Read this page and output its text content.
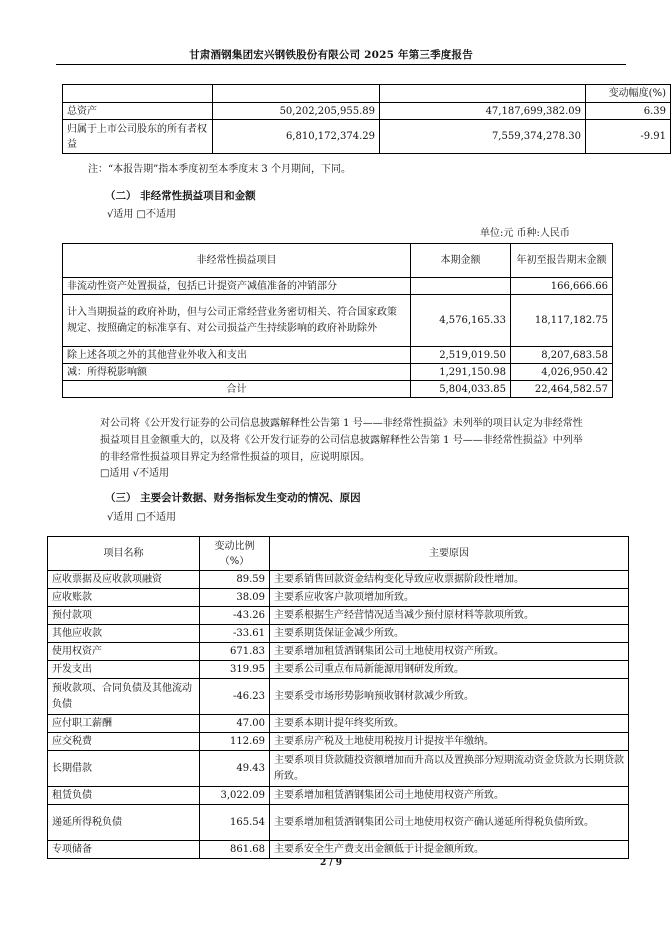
甘肃酒钢集团宏兴钢铁股份有限公司 2025 年第三季度报告
			变动幅度(%)
总资产	50,202,205,955.89	47,187,699,382.09	6.39
归属于上市公司股东的所有者权益	6,810,172,374.29	7,559,374,278.30	-9.91
注：“本报告期”指本季度初至本季度末 3 个月期间，下同。
（二） 非经常性损益项目和金额
√适用 □不适用
单位:元 币种:人民币
非经常性损益项目	本期金额	年初至报告期末金额
非流动性资产处置损益，包括已计提资产减值准备的冲销部分		166,666.66
计入当期损益的政府补助，但与公司正常经营业务密切相关、符合国家政策规定、按照确定的标准享有、对公司损益产生持续影响的政府补助除外	4,576,165.33	18,117,182.75
除上述各项之外的其他营业外收入和支出	2,519,019.50	8,207,683.58
减：所得税影响额	1,291,150.98	4,026,950.42
合计	5,804,033.85	22,464,582.57
对公司将《公开发行证券的公司信息披露解释性公告第 1 号——非经常性损益》未列举的项目认定为非经常性损益项目且金额重大的，以及将《公开发行证券的公司信息披露解释性公告第 1 号——非经常性损益》中列举的非经常性损益项目界定为经常性损益的项目，应说明原因。
□适用 √不适用
（三） 主要会计数据、财务指标发生变动的情况、原因
√适用 □不适用
项目名称	变动比例（%）	主要原因
应收票据及应收款项融资	89.59	主要系销售回款资金结构变化导致应收票据阶段性增加。
应收账款	38.09	主要系应收客户款项增加所致。
预付款项	-43.26	主要系根据生产经营情况适当减少预付原材料等款项所致。
其他应收款	-33.61	主要系期货保证金减少所致。
使用权资产	671.83	主要系增加租赁酒钢集团公司土地使用权资产所致。
开发支出	319.95	主要系公司重点布局新能源用钢研发所致。
预收款项、合同负债及其他流动负债	-46.23	主要系受市场形势影响预收钢材款减少所致。
应付职工薪酬	47.00	主要系本期计提年终奖所致。
应交税费	112.69	主要系房产税及土地使用税按月计提按半年缴纳。
长期借款	49.43	主要系项目贷款随投资额增加而升高以及置换部分短期流动资金贷款为长期贷款所致。
租赁负债	3,022.09	主要系增加租赁酒钢集团公司土地使用权资产所致。
递延所得税负债	165.54	主要系增加租赁酒钢集团公司土地使用权资产确认递延所得税负债所致。
专项储备	861.68	主要系安全生产费支出金额低于计提金额所致。
2 / 9
